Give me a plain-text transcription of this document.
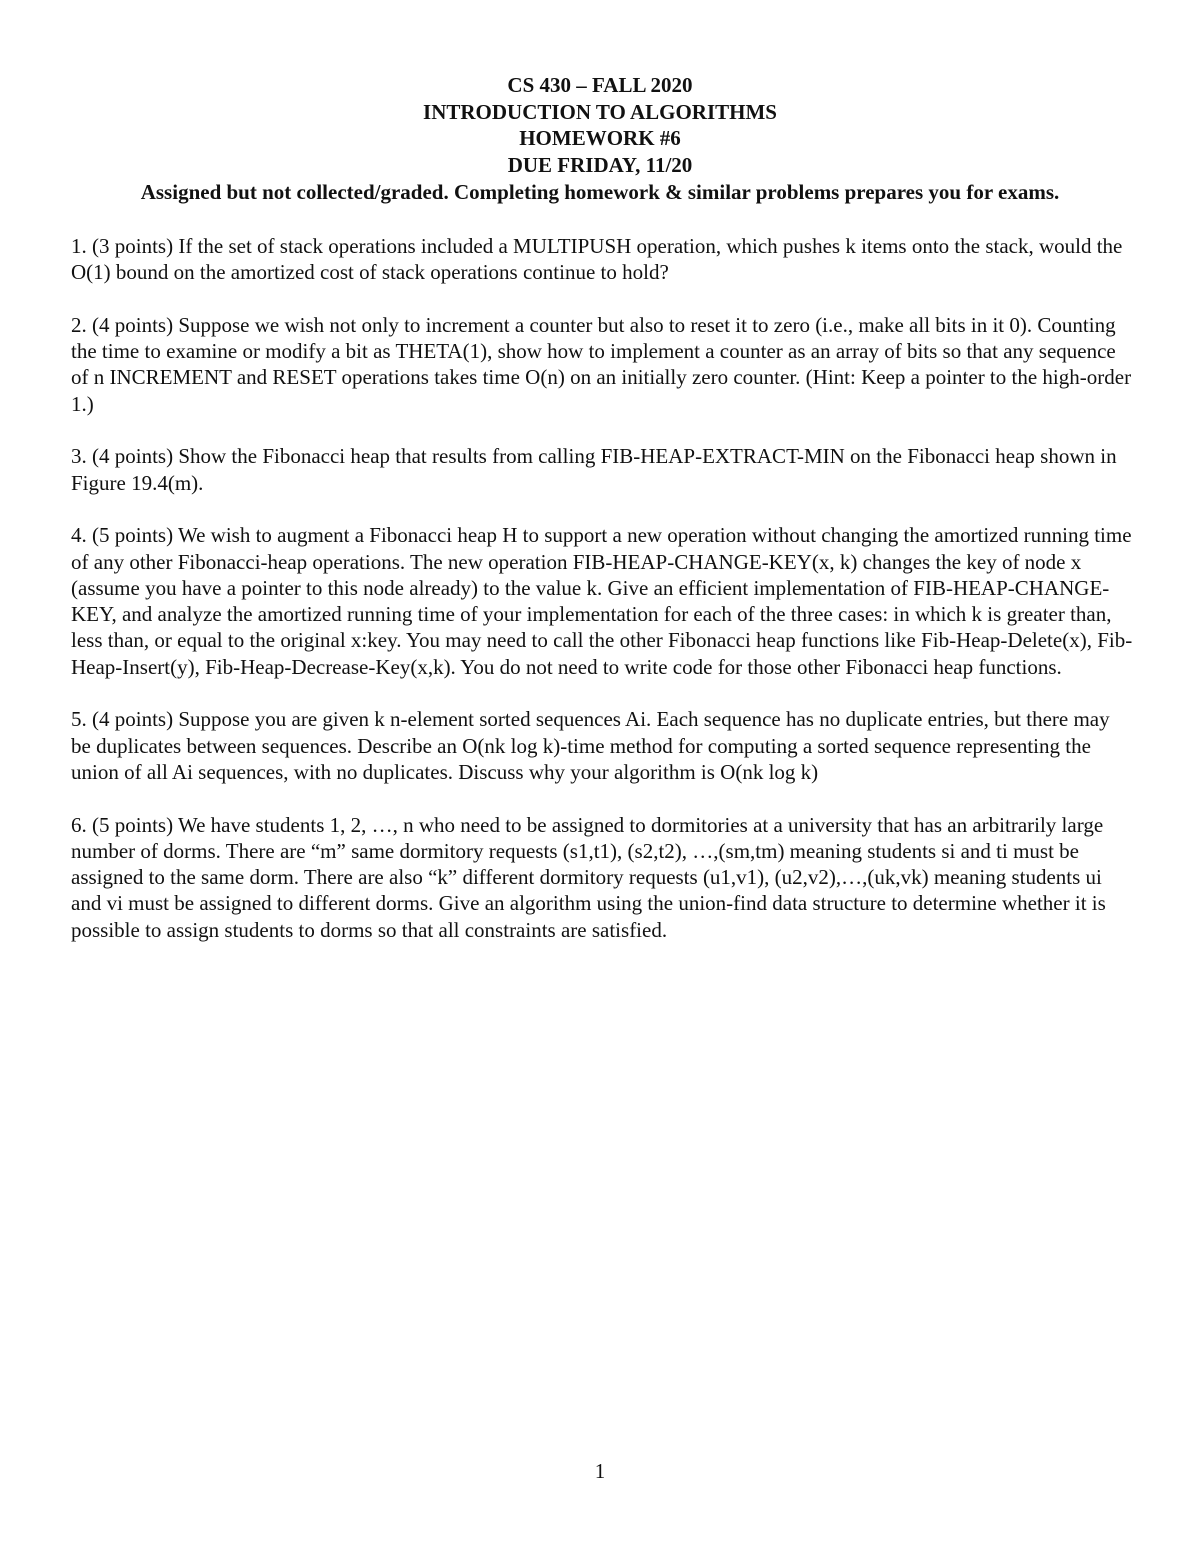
CS 430 – FALL 2020
INTRODUCTION TO ALGORITHMS
HOMEWORK #6
DUE FRIDAY, 11/20
Assigned but not collected/graded. Completing homework & similar problems prepares you for exams.

1. (3 points) If the set of stack operations included a MULTIPUSH operation, which pushes k items onto the stack, would the O(1) bound on the amortized cost of stack operations continue to hold?

2. (4 points) Suppose we wish not only to increment a counter but also to reset it to zero (i.e., make all bits in it 0). Counting the time to examine or modify a bit as THETA(1), show how to implement a counter as an array of bits so that any sequence of n INCREMENT and RESET operations takes time O(n) on an initially zero counter. (Hint: Keep a pointer to the high-order 1.)

3. (4 points) Show the Fibonacci heap that results from calling FIB-HEAP-EXTRACT-MIN on the Fibonacci heap shown in Figure 19.4(m).

4. (5 points) We wish to augment a Fibonacci heap H to support a new operation without changing the amortized running time of any other Fibonacci-heap operations. The new operation FIB-HEAP-CHANGE-KEY(x, k) changes the key of node x (assume you have a pointer to this node already) to the value k. Give an efficient implementation of FIB-HEAP-CHANGE-KEY, and analyze the amortized running time of your implementation for each of the three cases: in which k is greater than, less than, or equal to the original x:key. You may need to call the other Fibonacci heap functions like Fib-Heap-Delete(x), Fib-Heap-Insert(y), Fib-Heap-Decrease-Key(x,k). You do not need to write code for those other Fibonacci heap functions.

5. (4 points) Suppose you are given k n-element sorted sequences Ai. Each sequence has no duplicate entries, but there may be duplicates between sequences. Describe an O(nk log k)-time method for computing a sorted sequence representing the union of all Ai sequences, with no duplicates. Discuss why your algorithm is O(nk log k)

6. (5 points) We have students 1, 2, …, n who need to be assigned to dormitories at a university that has an arbitrarily large number of dorms. There are “m” same dormitory requests (s1,t1), (s2,t2), …,(sm,tm) meaning students si and ti must be assigned to the same dorm. There are also “k” different dormitory requests (u1,v1), (u2,v2),…,(uk,vk) meaning students ui and vi must be assigned to different dorms. Give an algorithm using the union-find data structure to determine whether it is possible to assign students to dorms so that all constraints are satisfied.

1
